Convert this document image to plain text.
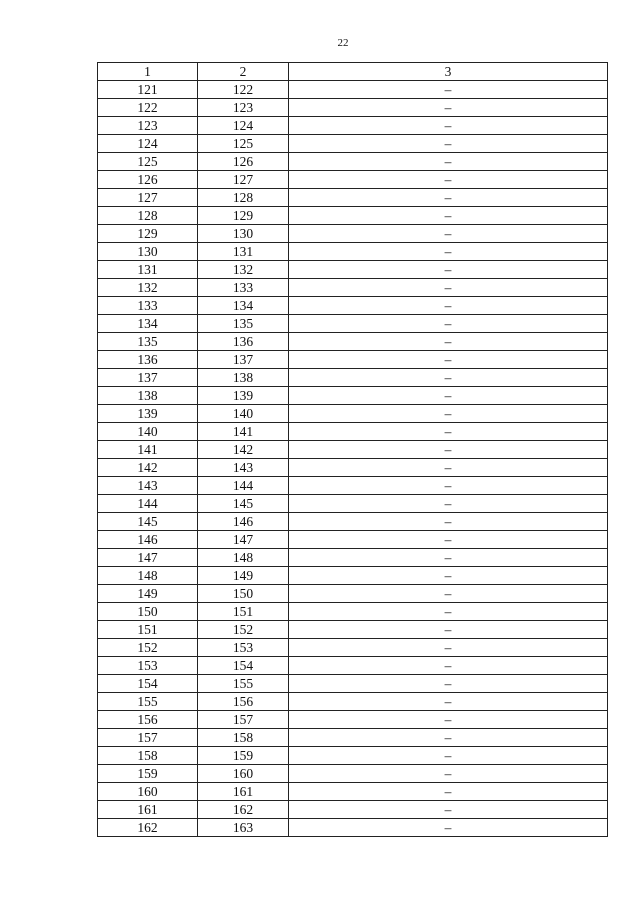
22
1	2	3
121	122	–
122	123	–
123	124	–
124	125	–
125	126	–
126	127	–
127	128	–
128	129	–
129	130	–
130	131	–
131	132	–
132	133	–
133	134	–
134	135	–
135	136	–
136	137	–
137	138	–
138	139	–
139	140	–
140	141	–
141	142	–
142	143	–
143	144	–
144	145	–
145	146	–
146	147	–
147	148	–
148	149	–
149	150	–
150	151	–
151	152	–
152	153	–
153	154	–
154	155	–
155	156	–
156	157	–
157	158	–
158	159	–
159	160	–
160	161	–
161	162	–
162	163	–
